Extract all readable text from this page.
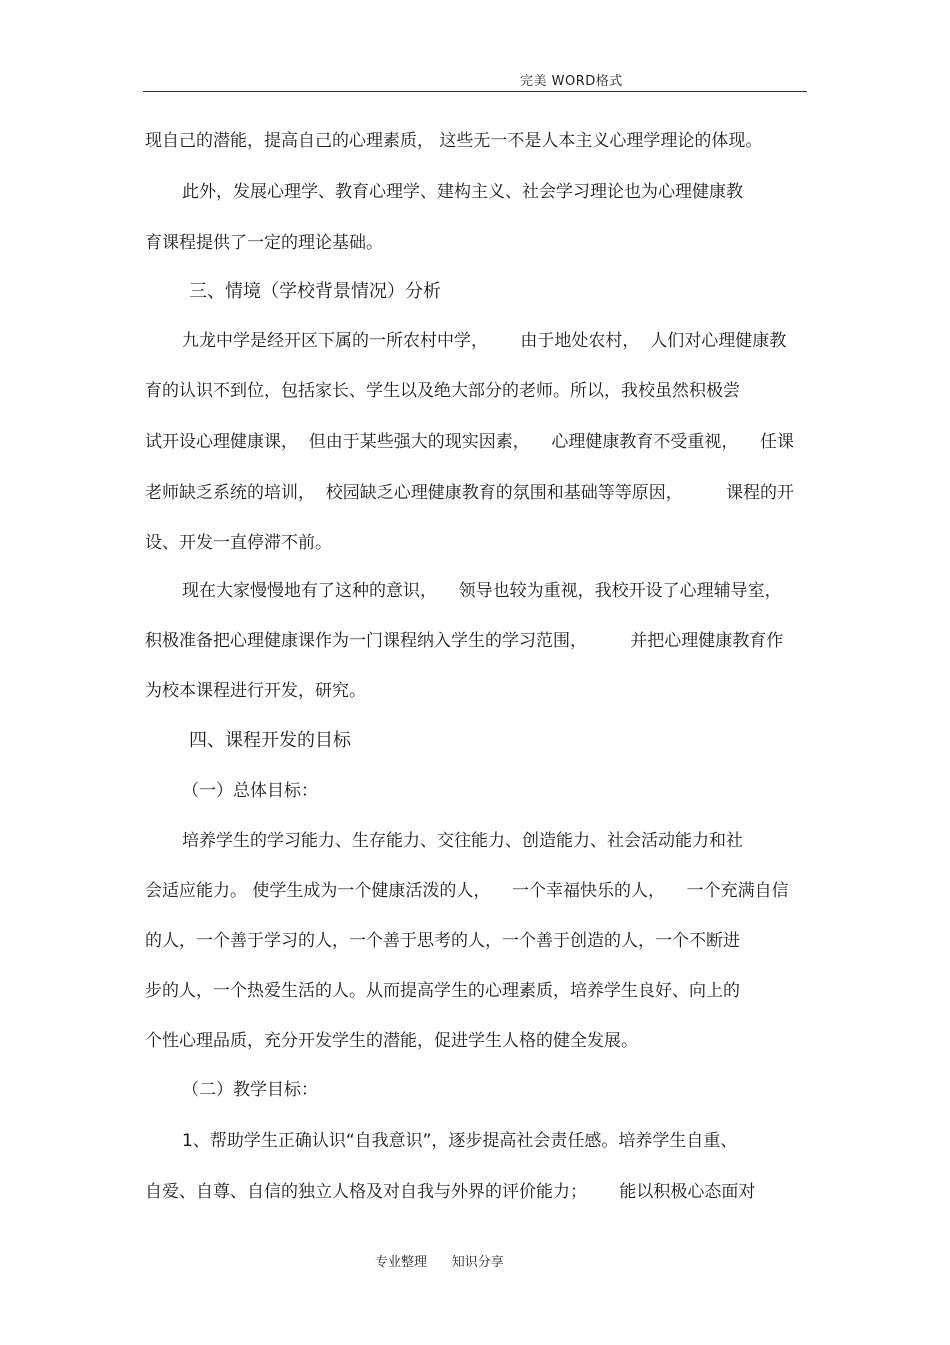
完美 WORD格式
现自己的潜能，提高自己的心理素质， 这些无一不是人本主义心理学理论的体现。
此外，发展心理学、教育心理学、建构主义、社会学习理论也为心理健康教
育课程提供了一定的理论基础。
三、情境（学校背景情况）分析
九龙中学是经开区下属的一所农村中学，      由于地处农村，  人们对心理健康教
育的认识不到位，包括家长、学生以及绝大部分的老师。所以，我校虽然积极尝
试开设心理健康课，  但由于某些强大的现实因素，    心理健康教育不受重视，    任课
老师缺乏系统的培训，  校园缺乏心理健康教育的氛围和基础等等原因，        课程的开
设、开发一直停滞不前。
现在大家慢慢地有了这种的意识，    领导也较为重视，我校开设了心理辅导室，
积极准备把心理健康课作为一门课程纳入学生的学习范围，        并把心理健康教育作
为校本课程进行开发，研究。
四、课程开发的目标
（一）总体目标：
培养学生的学习能力、生存能力、交往能力、创造能力、社会活动能力和社
会适应能力。 使学生成为一个健康活泼的人，    一个幸福快乐的人，    一个充满自信
的人，一个善于学习的人，一个善于思考的人，一个善于创造的人，一个不断进
步的人，一个热爱生活的人。从而提高学生的心理素质，培养学生良好、向上的
个性心理品质，充分开发学生的潜能，促进学生人格的健全发展。
（二）教学目标：
1、帮助学生正确认识“自我意识”，逐步提高社会责任感。培养学生自重、
自爱、自尊、自信的独立人格及对自我与外界的评价能力；      能以积极心态面对
专业整理      知识分享
